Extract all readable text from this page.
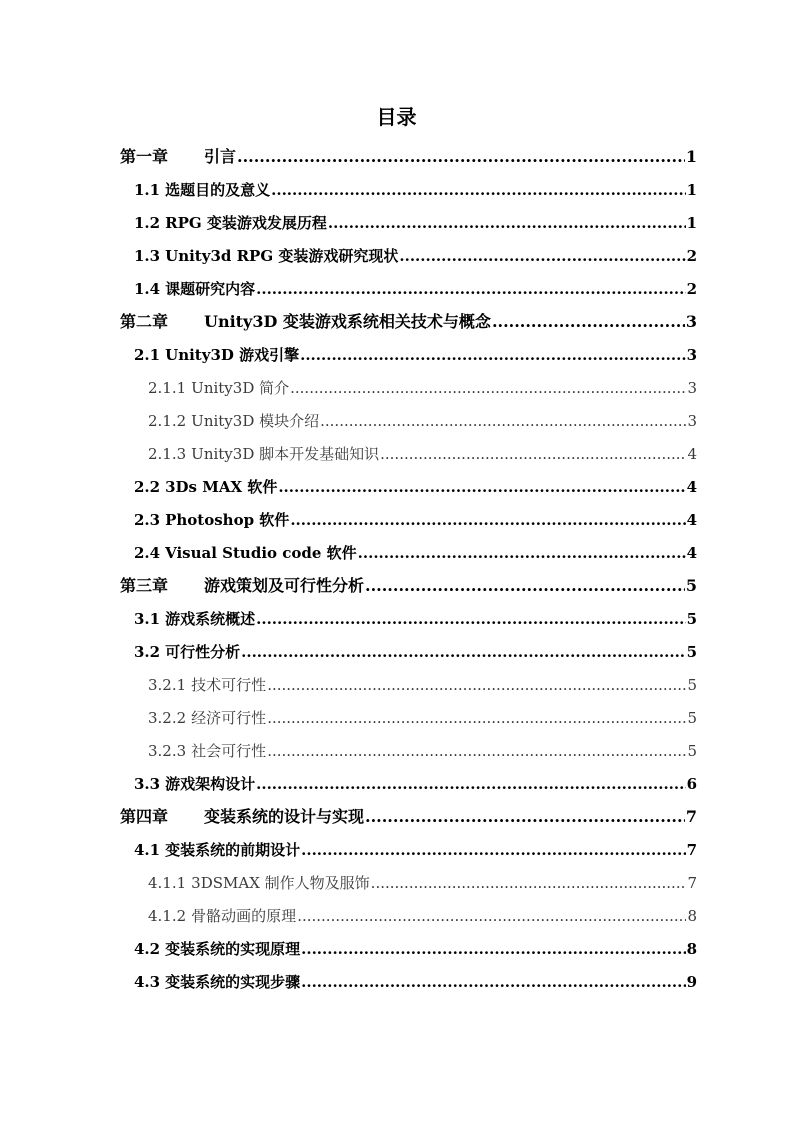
目录
第一章	引言 .....	1
1.1 选题目的及意义 .....	1
1.2 RPG 变装游戏发展历程 .....	1
1.3 Unity3d RPG 变装游戏研究现状 .....	2
1.4 课题研究内容 .....	2
第二章	Unity3D 变装游戏系统相关技术与概念 .....	3
2.1 Unity3D 游戏引擎 .....	3
2.1.1 Unity3D 简介 .....	3
2.1.2 Unity3D 模块介绍 .....	3
2.1.3 Unity3D 脚本开发基础知识 .....	4
2.2 3Ds MAX 软件 .....	4
2.3 Photoshop 软件 .....	4
2.4 Visual Studio code 软件 .....	4
第三章	游戏策划及可行性分析 .....	5
3.1 游戏系统概述 .....	5
3.2 可行性分析 .....	5
3.2.1 技术可行性 .....	5
3.2.2 经济可行性 .....	5
3.2.3 社会可行性 .....	5
3.3 游戏架构设计 .....	6
第四章	变装系统的设计与实现 .....	7
4.1 变装系统的前期设计 .....	7
4.1.1 3DSMAX 制作人物及服饰 .....	7
4.1.2 骨骼动画的原理 .....	8
4.2 变装系统的实现原理 .....	8
4.3 变装系统的实现步骤 .....	9
